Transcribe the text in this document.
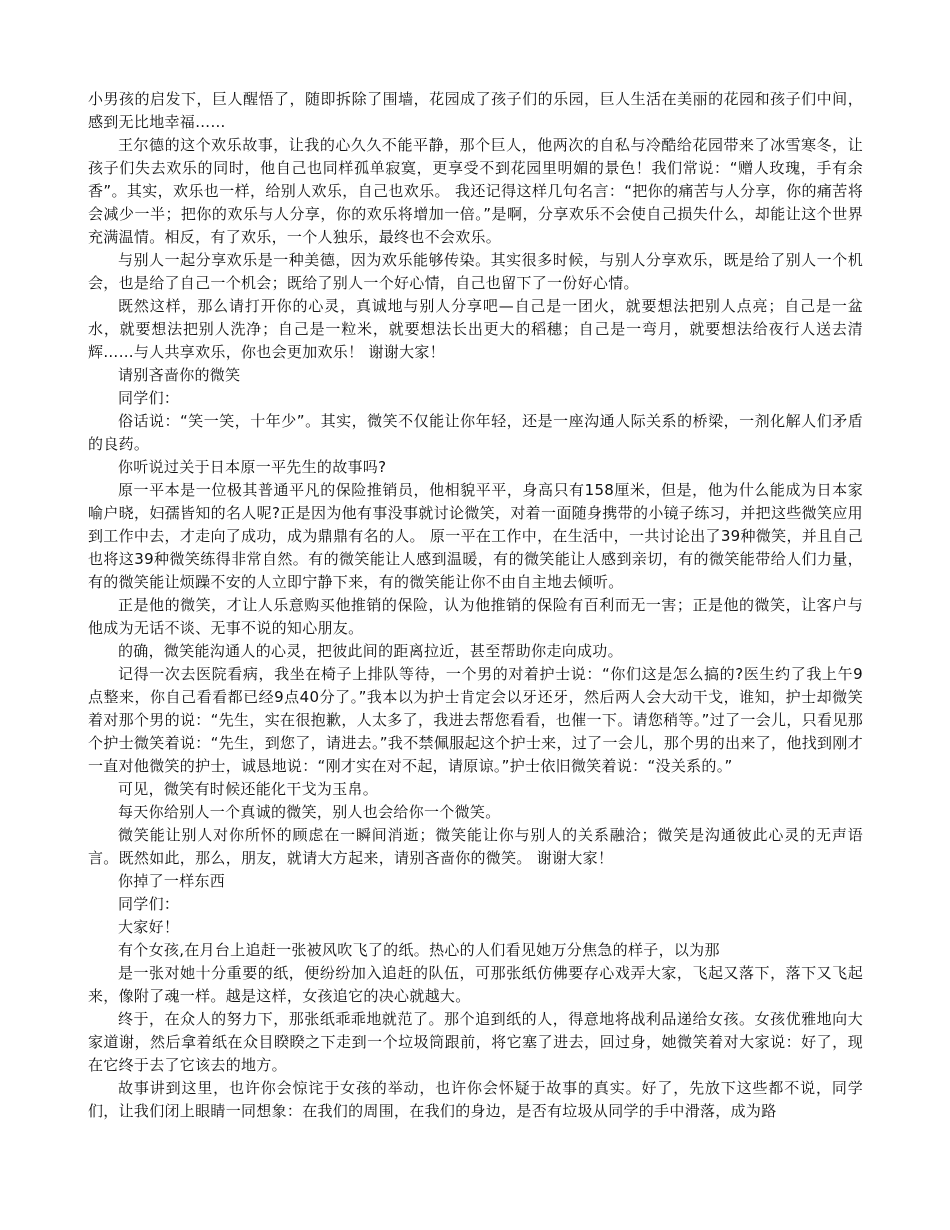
小男孩的启发下，巨人醒悟了，随即拆除了围墙，花园成了孩子们的乐园，巨人生活在美丽的花园和孩子们中间，感到无比地幸福……

王尔德的这个欢乐故事，让我的心久久不能平静，那个巨人，他两次的自私与冷酷给花园带来了冰雪寒冬，让孩子们失去欢乐的同时，他自己也同样孤单寂寞，更享受不到花园里明媚的景色！我们常说：“赠人玫瑰，手有余香”。其实，欢乐也一样，给别人欢乐，自己也欢乐。 我还记得这样几句名言：“把你的痛苦与人分享，你的痛苦将会减少一半；把你的欢乐与人分享，你的欢乐将增加一倍。”是啊，分享欢乐不会使自己损失什么，却能让这个世界充满温情。相反，有了欢乐，一个人独乐，最终也不会欢乐。

与别人一起分享欢乐是一种美德，因为欢乐能够传染。其实很多时候，与别人分享欢乐，既是给了别人一个机会，也是给了自己一个机会；既给了别人一个好心情，自己也留下了一份好心情。

既然这样，那么请打开你的心灵，真诚地与别人分享吧—自己是一团火，就要想法把别人点亮；自己是一盆水，就要想法把别人洗净；自己是一粒米，就要想法长出更大的稻穗；自己是一弯月，就要想法给夜行人送去清辉……与人共享欢乐，你也会更加欢乐！ 谢谢大家！

请别吝啬你的微笑

同学们：

俗话说：“笑一笑，十年少”。其实，微笑不仅能让你年轻，还是一座沟通人际关系的桥梁，一剂化解人们矛盾的良药。

你听说过关于日本原一平先生的故事吗?

原一平本是一位极其普通平凡的保险推销员，他相貌平平，身高只有158厘米，但是，他为什么能成为日本家喻户晓，妇孺皆知的名人呢?正是因为他有事没事就讨论微笑，对着一面随身携带的小镜子练习，并把这些微笑应用到工作中去，才走向了成功，成为鼎鼎有名的人。 原一平在工作中，在生活中，一共讨论出了39种微笑，并且自己也将这39种微笑练得非常自然。有的微笑能让人感到温暖，有的微笑能让人感到亲切，有的微笑能带给人们力量，有的微笑能让烦躁不安的人立即宁静下来，有的微笑能让你不由自主地去倾听。

正是他的微笑，才让人乐意购买他推销的保险，认为他推销的保险有百利而无一害；正是他的微笑，让客户与他成为无话不谈、无事不说的知心朋友。

的确，微笑能沟通人的心灵，把彼此间的距离拉近，甚至帮助你走向成功。

记得一次去医院看病，我坐在椅子上排队等待，一个男的对着护士说：“你们这是怎么搞的?医生约了我上午9点整来，你自己看看都已经9点40分了。”我本以为护士肯定会以牙还牙，然后两人会大动干戈，谁知，护士却微笑着对那个男的说：“先生，实在很抱歉，人太多了，我进去帮您看看，也催一下。请您稍等。”过了一会儿，只看见那个护士微笑着说：“先生，到您了，请进去。”我不禁佩服起这个护士来，过了一会儿，那个男的出来了，他找到刚才一直对他微笑的护士，诚恳地说：“刚才实在对不起，请原谅。”护士依旧微笑着说：“没关系的。”

可见，微笑有时候还能化干戈为玉帛。

每天你给别人一个真诚的微笑，别人也会给你一个微笑。

微笑能让别人对你所怀的顾虑在一瞬间消逝；微笑能让你与别人的关系融洽；微笑是沟通彼此心灵的无声语言。既然如此，那么，朋友，就请大方起来，请别吝啬你的微笑。 谢谢大家！

你掉了一样东西

同学们：

大家好！

有个女孩,在月台上追赶一张被风吹飞了的纸。热心的人们看见她万分焦急的样子，以为那

是一张对她十分重要的纸，便纷纷加入追赶的队伍，可那张纸仿佛要存心戏弄大家，飞起又落下，落下又飞起来，像附了魂一样。越是这样，女孩追它的决心就越大。

终于，在众人的努力下，那张纸乖乖地就范了。那个追到纸的人，得意地将战利品递给女孩。女孩优雅地向大家道谢，然后拿着纸在众目睽睽之下走到一个垃圾筒跟前，将它塞了进去，回过身，她微笑着对大家说：好了，现在它终于去了它该去的地方。

故事讲到这里，也许你会惊诧于女孩的举动，也许你会怀疑于故事的真实。好了，先放下这些都不说，同学们，让我们闭上眼睛一同想象：在我们的周围，在我们的身边，是否有垃圾从同学的手中滑落，成为路
